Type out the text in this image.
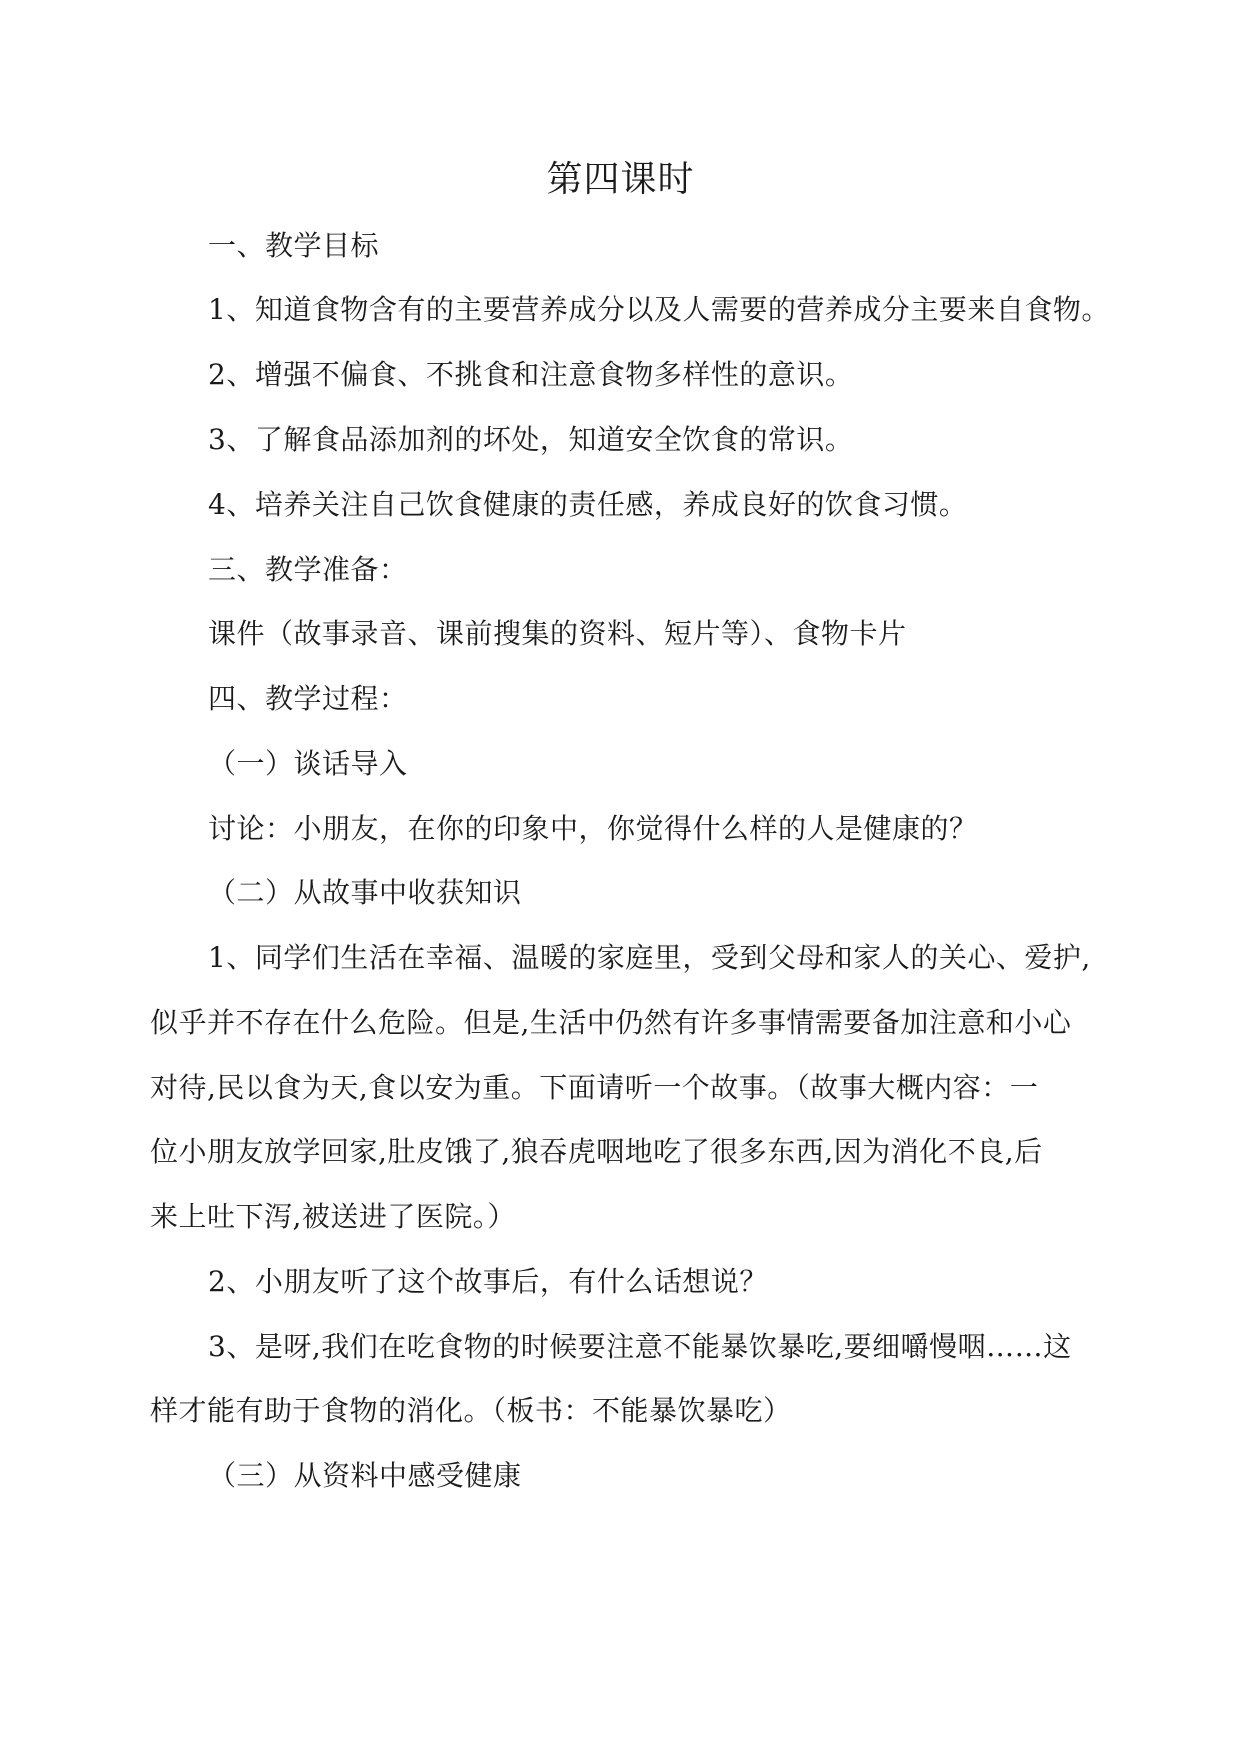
第四课时
一、教学目标
1、知道食物含有的主要营养成分以及人需要的营养成分主要来自食物。
2、增强不偏食、不挑食和注意食物多样性的意识。
3、了解食品添加剂的坏处，知道安全饮食的常识。
4、培养关注自己饮食健康的责任感，养成良好的饮食习惯。
三、教学准备：
课件（故事录音、课前搜集的资料、短片等）、食物卡片
四、教学过程：
（一）谈话导入
讨论：小朋友，在你的印象中，你觉得什么样的人是健康的？
（二）从故事中收获知识
1、同学们生活在幸福、温暖的家庭里，受到父母和家人的关心、爱护,
似乎并不存在什么危险。但是,生活中仍然有许多事情需要备加注意和小心
对待,民以食为天,食以安为重。下面请听一个故事。（故事大概内容：一
位小朋友放学回家,肚皮饿了,狼吞虎咽地吃了很多东西,因为消化不良,后
来上吐下泻,被送进了医院。）
2、小朋友听了这个故事后，有什么话想说？
3、是呀,我们在吃食物的时候要注意不能暴饮暴吃,要细嚼慢咽……这
样才能有助于食物的消化。（板书：不能暴饮暴吃）
（三）从资料中感受健康
